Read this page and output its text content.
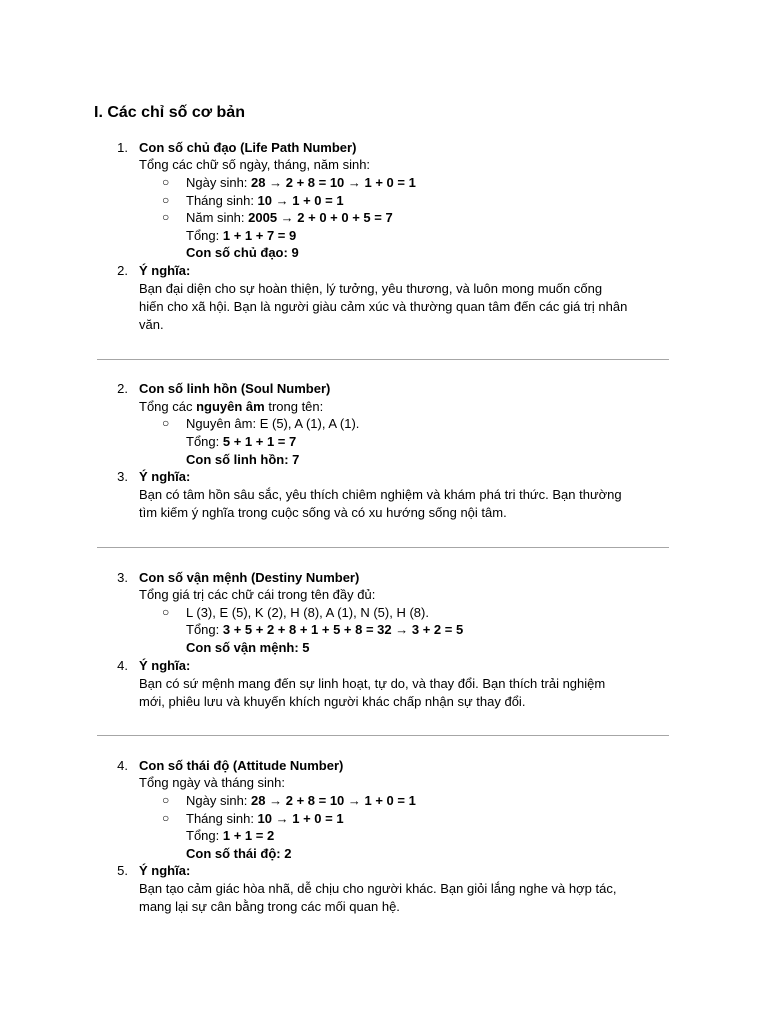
I. Các chỉ số cơ bản
1. Con số chủ đạo (Life Path Number)
Tổng các chữ số ngày, tháng, năm sinh:
○ Ngày sinh: 28 → 2 + 8 = 10 → 1 + 0 = 1
○ Tháng sinh: 10 → 1 + 0 = 1
○ Năm sinh: 2005 → 2 + 0 + 0 + 5 = 7
Tổng: 1 + 1 + 7 = 9
Con số chủ đạo: 9
2. Ý nghĩa:
Bạn đại diện cho sự hoàn thiện, lý tưởng, yêu thương, và luôn mong muốn cống
hiến cho xã hội. Bạn là người giàu cảm xúc và thường quan tâm đến các giá trị nhân
văn.
2. Con số linh hồn (Soul Number)
Tổng các nguyên âm trong tên:
○ Nguyên âm: E (5), A (1), A (1).
Tổng: 5 + 1 + 1 = 7
Con số linh hồn: 7
3. Ý nghĩa:
Bạn có tâm hồn sâu sắc, yêu thích chiêm nghiệm và khám phá tri thức. Bạn thường
tìm kiếm ý nghĩa trong cuộc sống và có xu hướng sống nội tâm.
3. Con số vận mệnh (Destiny Number)
Tổng giá trị các chữ cái trong tên đầy đủ:
○ L (3), E (5), K (2), H (8), A (1), N (5), H (8).
Tổng: 3 + 5 + 2 + 8 + 1 + 5 + 8 = 32 → 3 + 2 = 5
Con số vận mệnh: 5
4. Ý nghĩa:
Bạn có sứ mệnh mang đến sự linh hoạt, tự do, và thay đổi. Bạn thích trải nghiệm
mới, phiêu lưu và khuyến khích người khác chấp nhận sự thay đổi.
4. Con số thái độ (Attitude Number)
Tổng ngày và tháng sinh:
○ Ngày sinh: 28 → 2 + 8 = 10 → 1 + 0 = 1
○ Tháng sinh: 10 → 1 + 0 = 1
Tổng: 1 + 1 = 2
Con số thái độ: 2
5. Ý nghĩa:
Bạn tạo cảm giác hòa nhã, dễ chịu cho người khác. Bạn giỏi lắng nghe và hợp tác,
mang lại sự cân bằng trong các mối quan hệ.
